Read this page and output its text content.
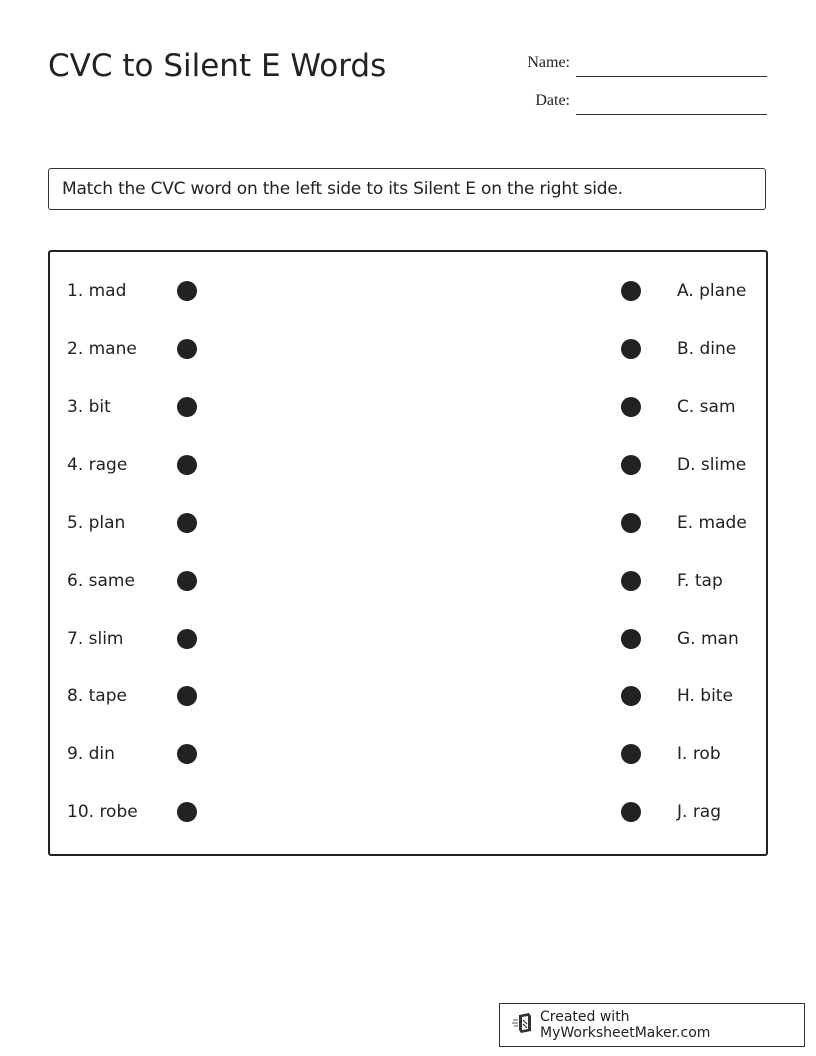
CVC to Silent E Words	Name:
Date:
Match the CVC word on the left side to its Silent E on the right side.
1. mad	A. plane
2. mane	B. dine
3. bit	C. sam
4. rage	D. slime
5. plan	E. made
6. same	F. tap
7. slim	G. man
8. tape	H. bite
9. din	I. rob
10. robe	J. rag
Created with MyWorksheetMaker.com
